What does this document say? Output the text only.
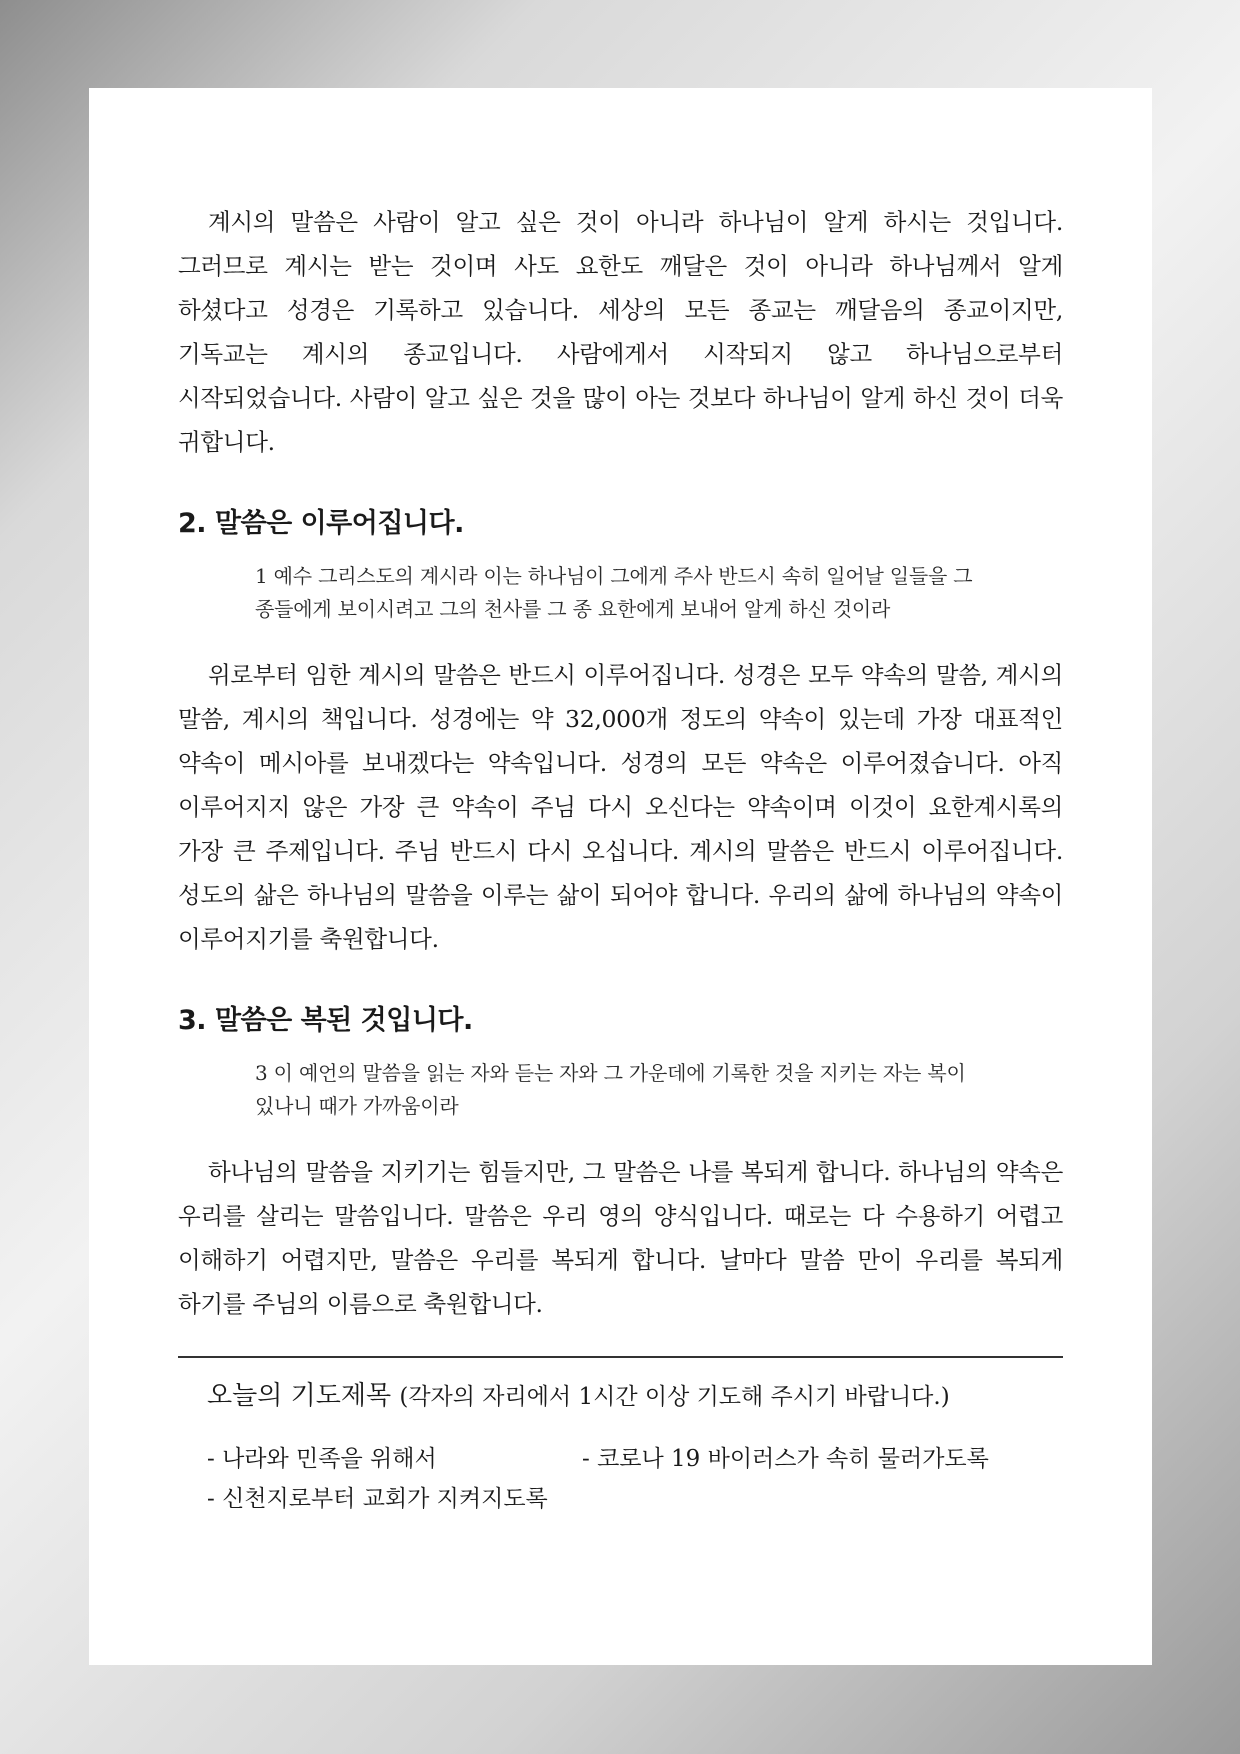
계시의 말씀은 사람이 알고 싶은 것이 아니라 하나님이 알게 하시는 것입니다. 그러므로 계시는 받는 것이며 사도 요한도 깨달은 것이 아니라 하나님께서 알게 하셨다고 성경은 기록하고 있습니다. 세상의 모든 종교는 깨달음의 종교이지만, 기독교는 계시의 종교입니다. 사람에게서 시작되지 않고 하나님으로부터 시작되었습니다. 사람이 알고 싶은 것을 많이 아는 것보다 하나님이 알게 하신 것이 더욱 귀합니다.

2. 말씀은 이루어집니다.

1 예수 그리스도의 계시라 이는 하나님이 그에게 주사 반드시 속히 일어날 일들을 그 종들에게 보이시려고 그의 천사를 그 종 요한에게 보내어 알게 하신 것이라

위로부터 임한 계시의 말씀은 반드시 이루어집니다. 성경은 모두 약속의 말씀, 계시의 말씀, 계시의 책입니다. 성경에는 약 32,000개 정도의 약속이 있는데 가장 대표적인 약속이 메시아를 보내겠다는 약속입니다. 성경의 모든 약속은 이루어졌습니다. 아직 이루어지지 않은 가장 큰 약속이 주님 다시 오신다는 약속이며 이것이 요한계시록의 가장 큰 주제입니다. 주님 반드시 다시 오십니다. 계시의 말씀은 반드시 이루어집니다. 성도의 삶은 하나님의 말씀을 이루는 삶이 되어야 합니다. 우리의 삶에 하나님의 약속이 이루어지기를 축원합니다.

3. 말씀은 복된 것입니다.

3 이 예언의 말씀을 읽는 자와 듣는 자와 그 가운데에 기록한 것을 지키는 자는 복이 있나니 때가 가까움이라

하나님의 말씀을 지키기는 힘들지만, 그 말씀은 나를 복되게 합니다. 하나님의 약속은 우리를 살리는 말씀입니다. 말씀은 우리 영의 양식입니다. 때로는 다 수용하기 어렵고 이해하기 어렵지만, 말씀은 우리를 복되게 합니다. 날마다 말씀 만이 우리를 복되게 하기를 주님의 이름으로 축원합니다.

오늘의 기도제목 (각자의 자리에서 1시간 이상 기도해 주시기 바랍니다.)

- 나라와 민족을 위해서	- 코로나 19 바이러스가 속히 물러가도록
- 신천지로부터 교회가 지켜지도록
